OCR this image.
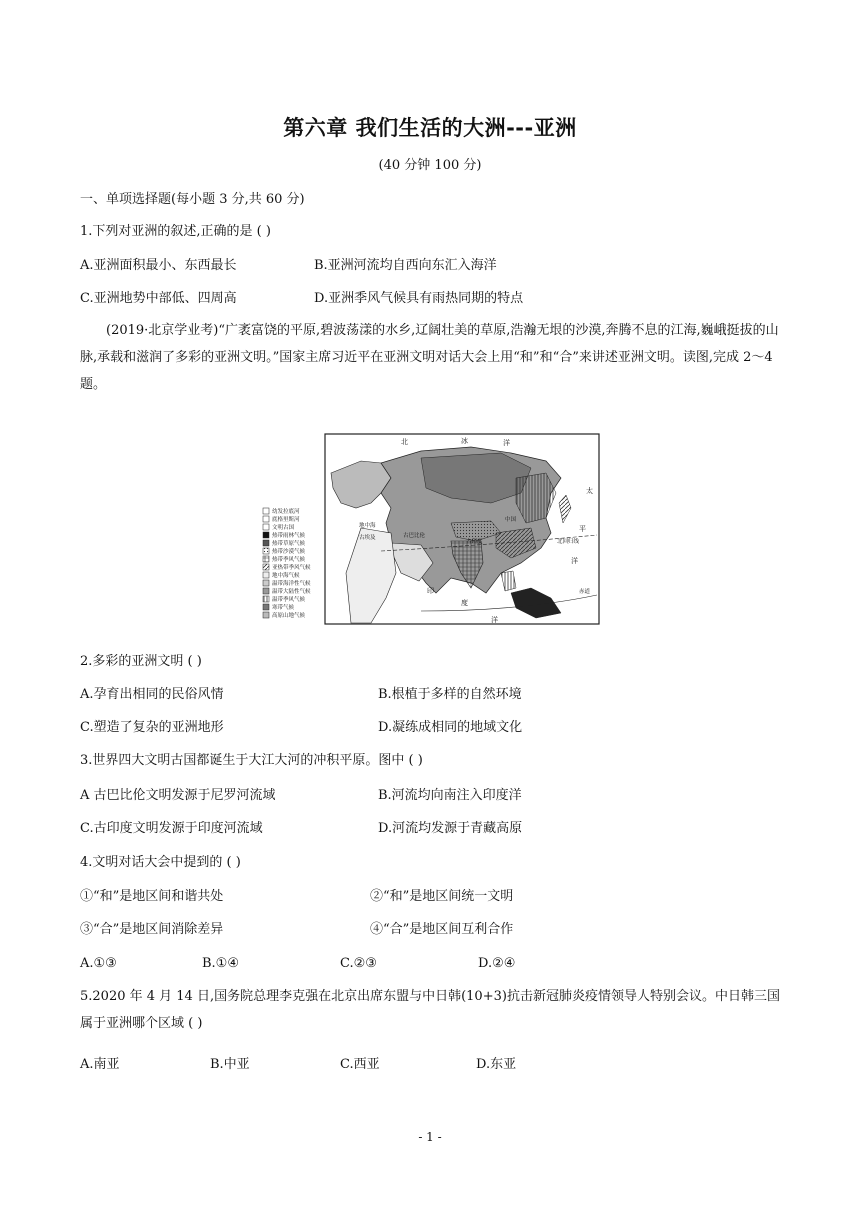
第六章 我们生活的大洲---亚洲
(40 分钟 100 分)
一、单项选择题(每小题 3 分,共 60 分)
1.下列对亚洲的叙述,正确的是 ( )
A.亚洲面积最小、东西最长	B.亚洲河流均自西向东汇入海洋
C.亚洲地势中部低、四周高	D.亚洲季风气候具有雨热同期的特点
(2019·北京学业考)“广袤富饶的平原,碧波荡漾的水乡,辽阔壮美的草原,浩瀚无垠的沙漠,奔腾不息的江海,巍峨挺拔的山脉,承载和滋润了多彩的亚洲文明。”国家主席习近平在亚洲文明对话大会上用“和”和“合”来讲述亚洲文明。读图,完成 2～4 题。
幼发拉底河
底格里斯河
文明古国
热带雨林气候
热带草原气候
热带沙漠气候
热带季风气候
亚热带季风气候
地中海气候
温带海洋性气候
温带大陆性气候
温带季风气候
寒带气候
高原山地气候
北	冰	洋
太
平
洋
印
度
洋
中国
古印度
古巴比伦
古埃及
地中海
北回归线
赤道
2.多彩的亚洲文明 ( )
A.孕育出相同的民俗风情	B.根植于多样的自然环境
C.塑造了复杂的亚洲地形	D.凝练成相同的地域文化
3.世界四大文明古国都诞生于大江大河的冲积平原。图中 ( )
A 古巴比伦文明发源于尼罗河流域	B.河流均向南注入印度洋
C.古印度文明发源于印度河流域	D.河流均发源于青藏高原
4.文明对话大会中提到的 ( )
①“和”是地区间和谐共处	②“和”是地区间统一文明
③“合”是地区间消除差异	④“合”是地区间互利合作
A.①③	B.①④	C.②③	D.②④
5.2020 年 4 月 14 日,国务院总理李克强在北京出席东盟与中日韩(10+3)抗击新冠肺炎疫情领导人特别会议。中日韩三国属于亚洲哪个区域 ( )
A.南亚	B.中亚	C.西亚	D.东亚
- 1 -
